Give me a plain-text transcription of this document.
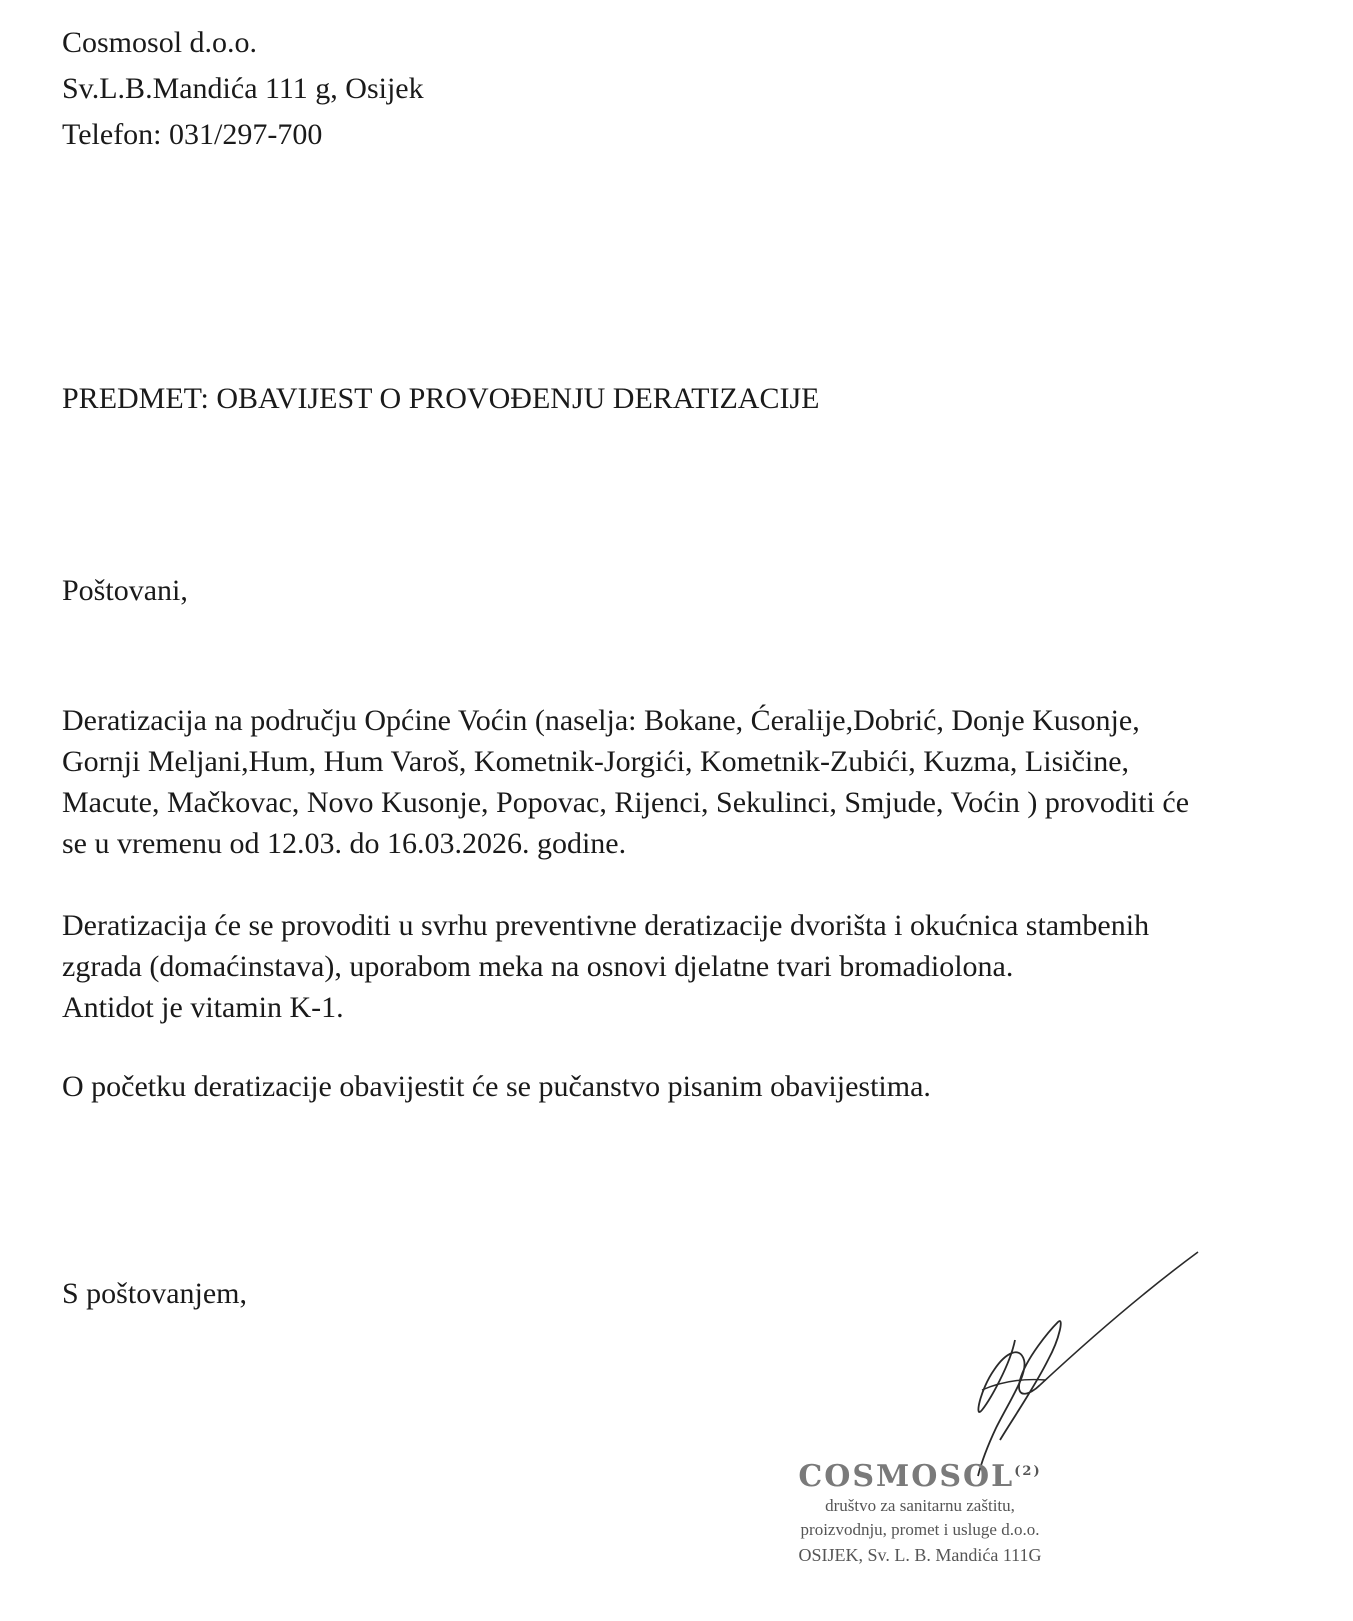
Cosmosol d.o.o.
Sv.L.B.Mandića 111 g, Osijek
Telefon: 031/297-700
PREDMET: OBAVIJEST O PROVOĐENJU DERATIZACIJE
Poštovani,
Deratizacija na području Općine Voćin (naselja: Bokane, Ćeralije,Dobrić, Donje Kusonje,
Gornji Meljani,Hum, Hum Varoš, Kometnik-Jorgići, Kometnik-Zubići, Kuzma, Lisičine,
Macute, Mačkovac, Novo Kusonje, Popovac, Rijenci, Sekulinci, Smjude, Voćin ) provoditi će
se u vremenu od 12.03. do 16.03.2026. godine.
Deratizacija će se provoditi u svrhu preventivne deratizacije dvorišta i okućnica stambenih
zgrada (domaćinstava), uporabom meka na osnovi djelatne tvari bromadiolona.
Antidot je vitamin K-1.
O početku deratizacije obavijestit će se pučanstvo pisanim obavijestima.
S poštovanjem,
COSMOSOL$^{(2)}$
društvo za sanitarnu zaštitu,
proizvodnju, promet i usluge d.o.o.
OSIJEK, Sv. L. B. Mandića 111G
